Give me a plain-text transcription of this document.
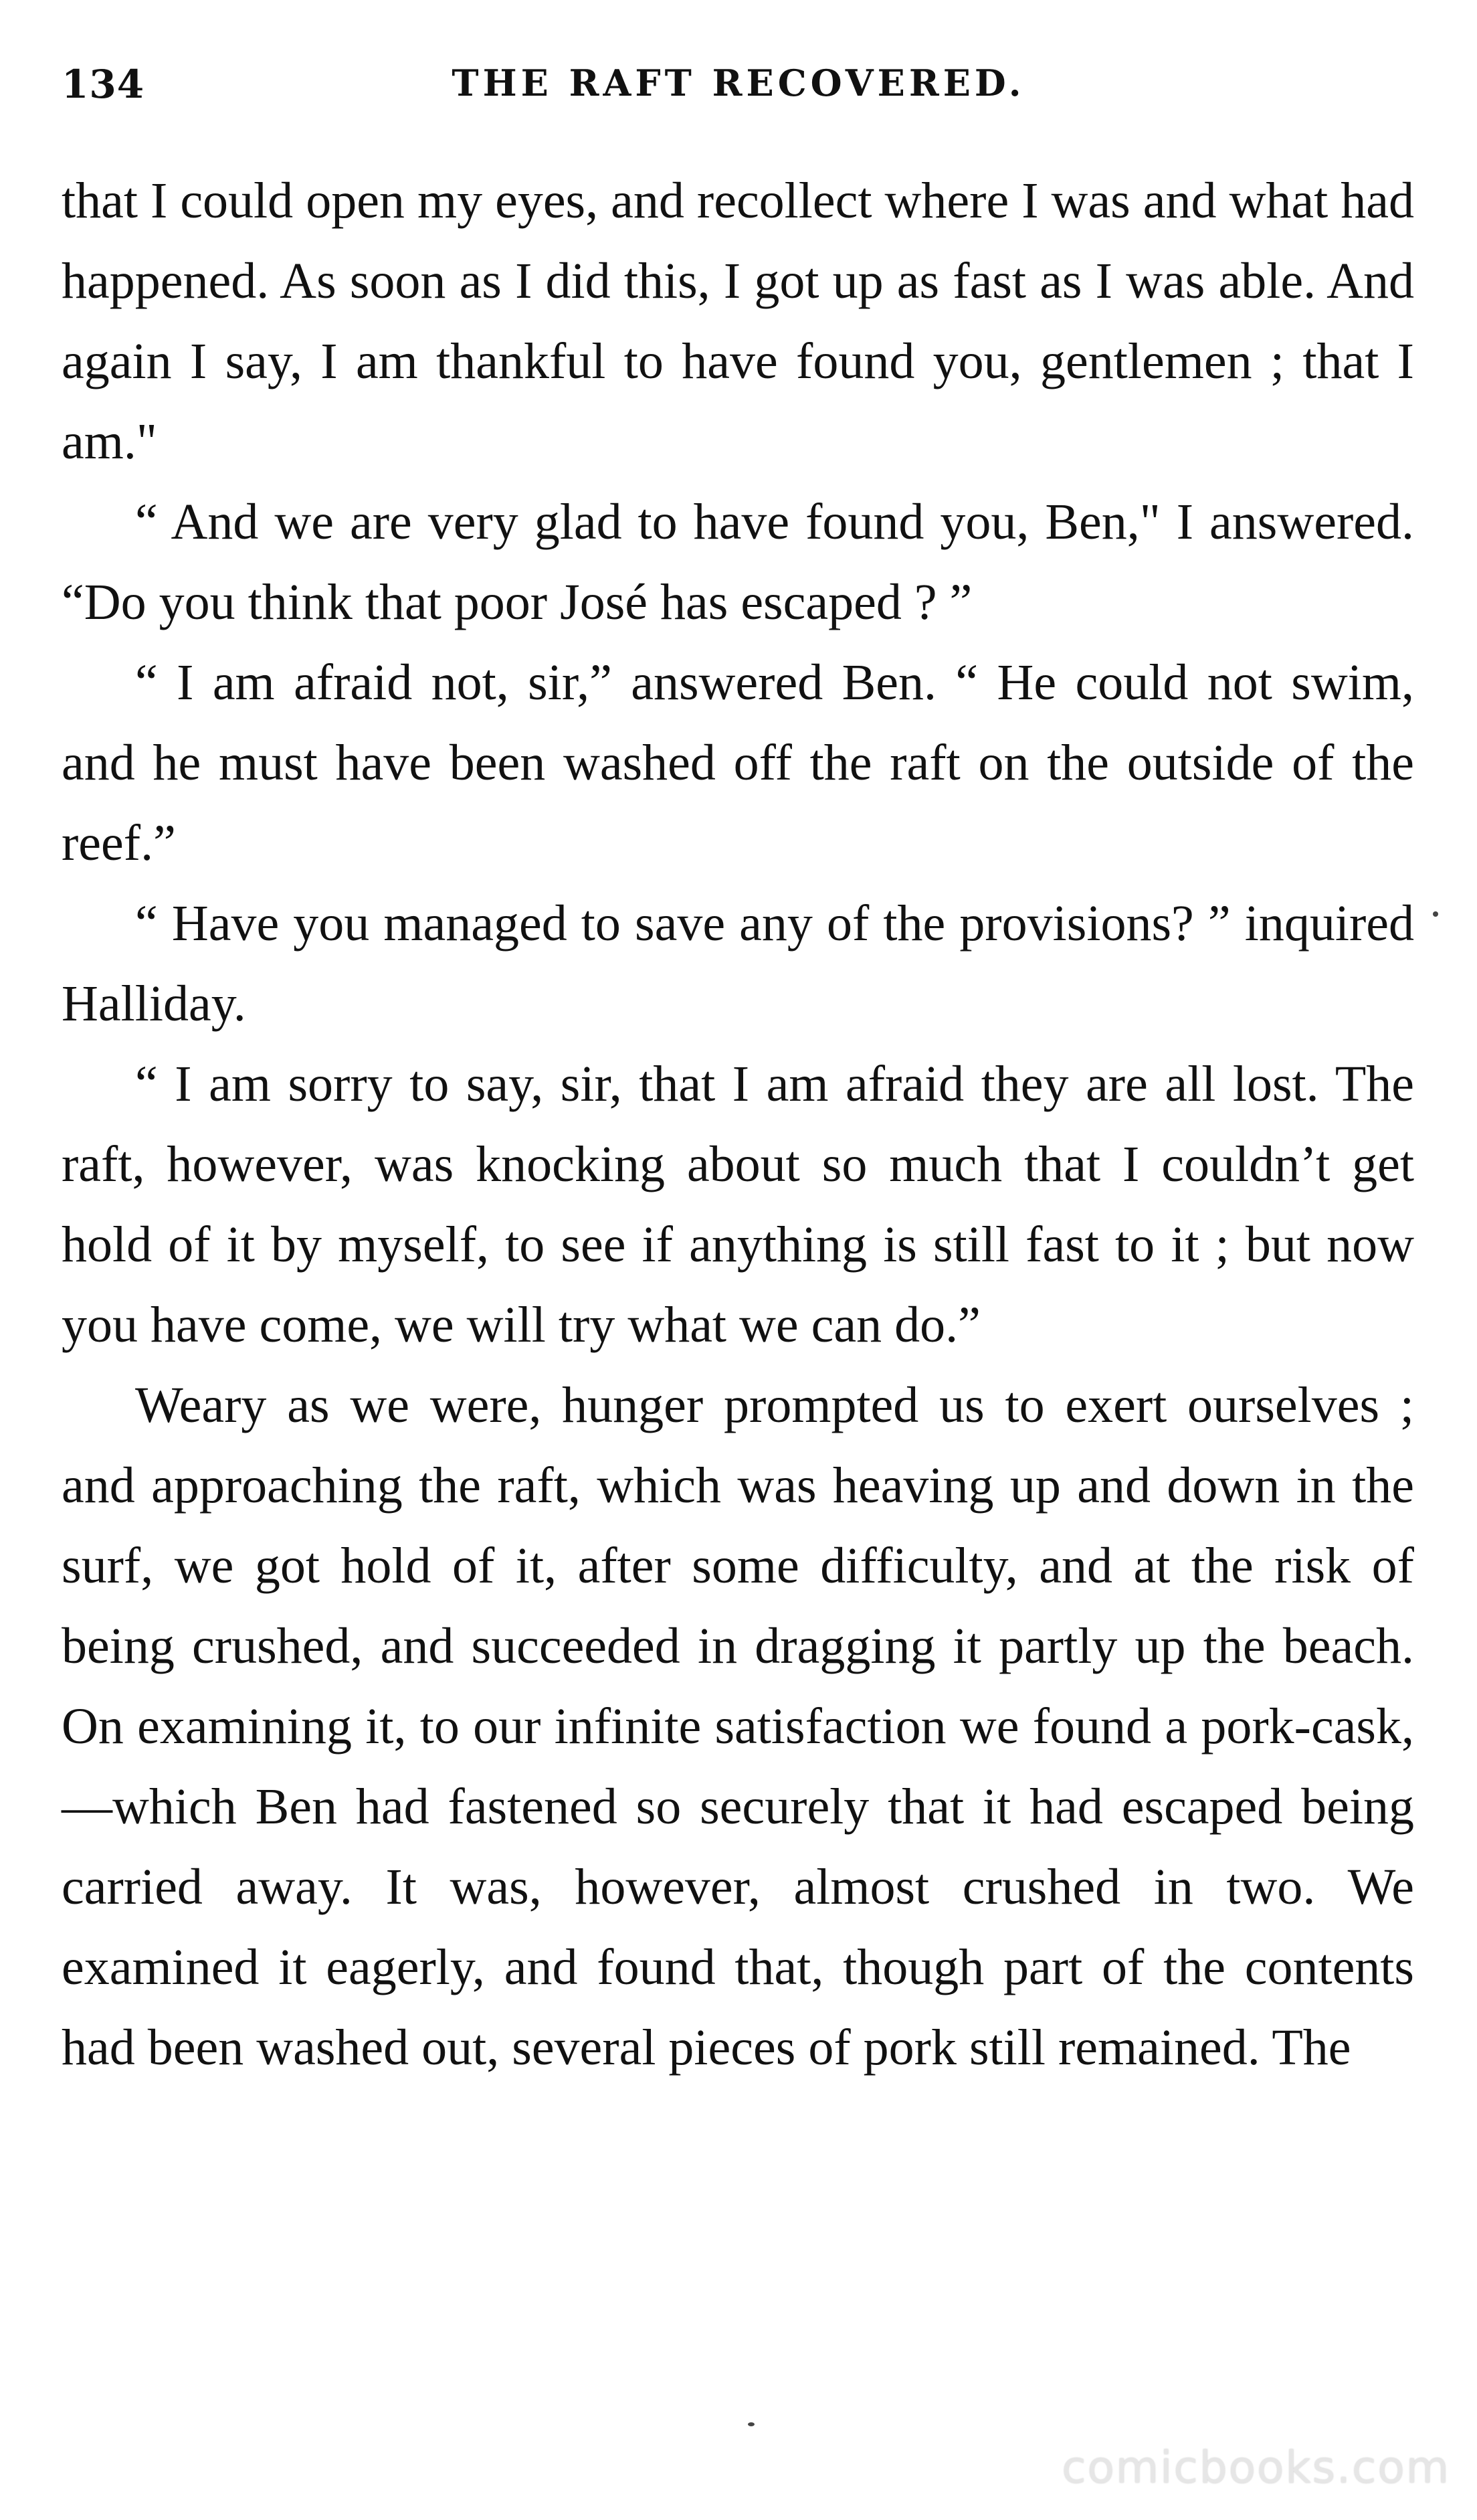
134	THE RAFT RECOVERED.

that I could open my eyes, and recollect where I was and what had happened. As soon as I did this, I got up as fast as I was able. And again I say, I am thankful to have found you, gentlemen ; that I am."

“ And we are very glad to have found you, Ben," I answered. “Do you think that poor José has escaped ? ”

“ I am afraid not, sir,” answered Ben. “ He could not swim, and he must have been washed off the raft on the outside of the reef.”

“ Have you managed to save any of the provisions? ” inquired Halliday.

“ I am sorry to say, sir, that I am afraid they are all lost. The raft, however, was knocking about so much that I couldn’t get hold of it by myself, to see if anything is still fast to it ; but now you have come, we will try what we can do.”

Weary as we were, hunger prompted us to exert ourselves ; and approaching the raft, which was heaving up and down in the surf, we got hold of it, after some difficulty, and at the risk of being crushed, and succeeded in dragging it partly up the beach. On examining it, to our infinite satisfaction we found a pork-cask,—which Ben had fastened so securely that it had escaped being carried away. It was, however, almost crushed in two. We examined it eagerly, and found that, though part of the contents had been washed out, several pieces of pork still remained. The

comicbooks.com
